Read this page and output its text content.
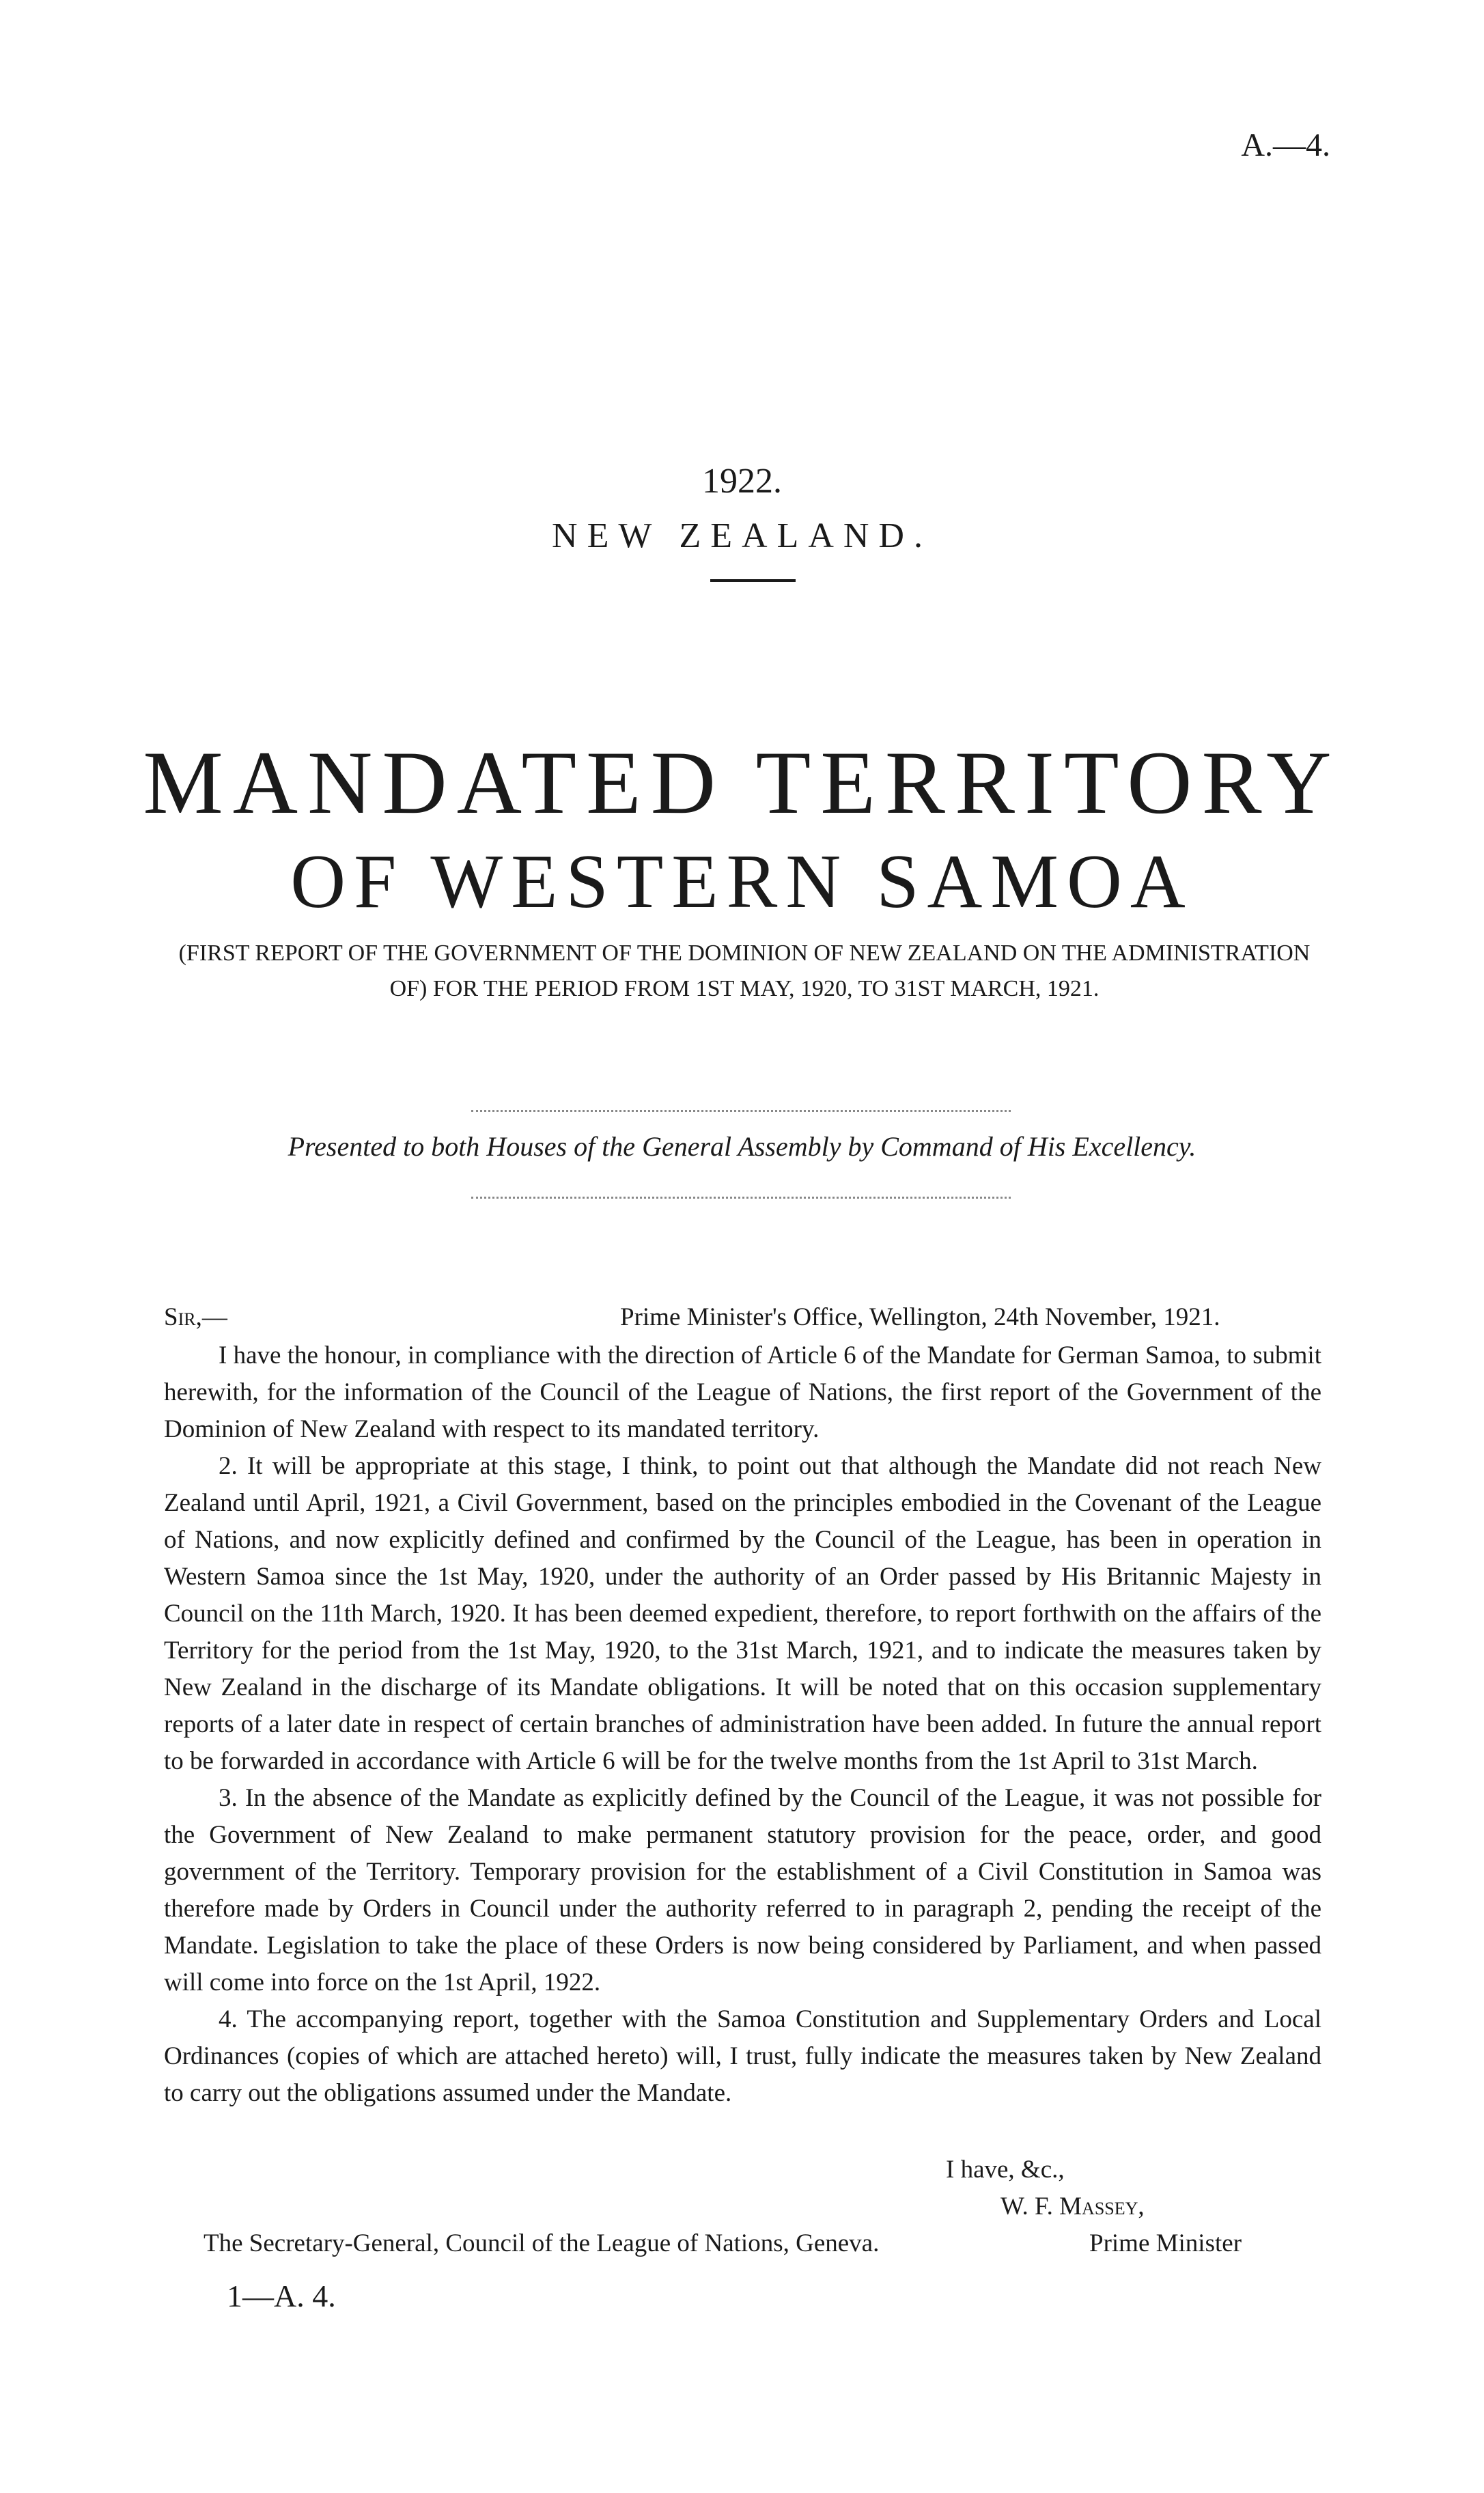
A.—4.
1922.
NEW ZEALAND.
MANDATED TERRITORY
OF WESTERN SAMOA
(FIRST REPORT OF THE GOVERNMENT OF THE DOMINION OF NEW ZEALAND ON THE ADMINISTRATION OF) FOR THE PERIOD FROM 1ST MAY, 1920, TO 31ST MARCH, 1921.
Presented to both Houses of the General Assembly by Command of His Excellency.
Sir,—	Prime Minister's Office, Wellington, 24th November, 1921.

I have the honour, in compliance with the direction of Article 6 of the Mandate for German Samoa, to submit herewith, for the information of the Council of the League of Nations, the first report of the Government of the Dominion of New Zealand with respect to its mandated territory.

2. It will be appropriate at this stage, I think, to point out that although the Mandate did not reach New Zealand until April, 1921, a Civil Government, based on the principles embodied in the Covenant of the League of Nations, and now explicitly defined and confirmed by the Council of the League, has been in operation in Western Samoa since the 1st May, 1920, under the authority of an Order passed by His Britannic Majesty in Council on the 11th March, 1920. It has been deemed expedient, therefore, to report forthwith on the affairs of the Territory for the period from the 1st May, 1920, to the 31st March, 1921, and to indicate the measures taken by New Zealand in the discharge of its Mandate obligations. It will be noted that on this occasion supplementary reports of a later date in respect of certain branches of administration have been added. In future the annual report to be forwarded in accordance with Article 6 will be for the twelve months from the 1st April to 31st March.

3. In the absence of the Mandate as explicitly defined by the Council of the League, it was not possible for the Government of New Zealand to make permanent statutory provision for the peace, order, and good government of the Territory. Temporary provision for the establishment of a Civil Constitution in Samoa was therefore made by Orders in Council under the authority referred to in paragraph 2, pending the receipt of the Mandate. Legislation to take the place of these Orders is now being considered by Parliament, and when passed will come into force on the 1st April, 1922.

4. The accompanying report, together with the Samoa Constitution and Supplementary Orders and Local Ordinances (copies of which are attached hereto) will, I trust, fully indicate the measures taken by New Zealand to carry out the obligations assumed under the Mandate.

I have, &c.,
W. F. Massey,
The Secretary-General, Council of the League of Nations, Geneva.	Prime Minister
1—A. 4.
